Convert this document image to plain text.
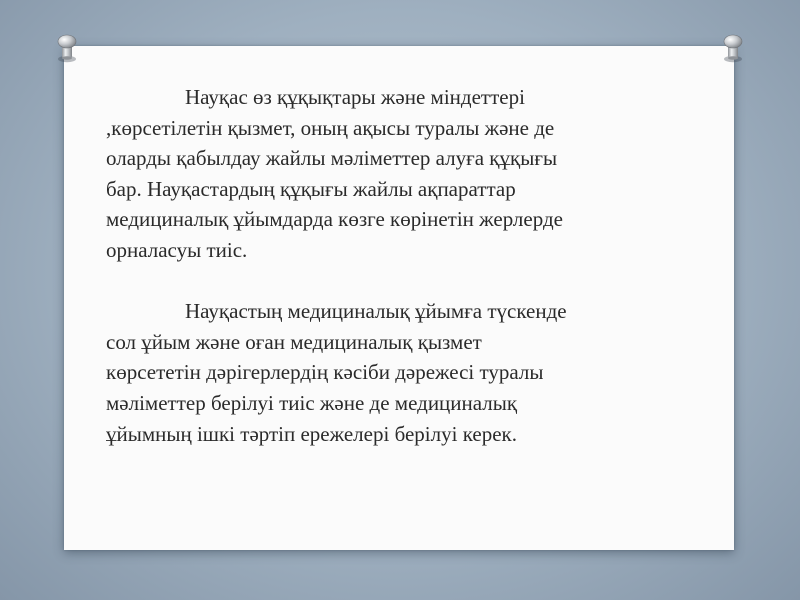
Науқас өз құқықтары және міндеттері
,көрсетілетін қызмет, оның ақысы туралы және де
оларды қабылдау жайлы мәліметтер алуға құқығы
бар. Науқастардың құқығы жайлы ақпараттар
медициналық ұйымдарда көзге көрінетін жерлерде
орналасуы тиіс.
Науқастың медициналық ұйымға түскенде
сол ұйым және оған медициналық қызмет
көрсететін дәрігерлердің кәсіби дәрежесі туралы
мәліметтер берілуі тиіс және де медициналық
ұйымның ішкі тәртіп ережелері берілуі керек.
